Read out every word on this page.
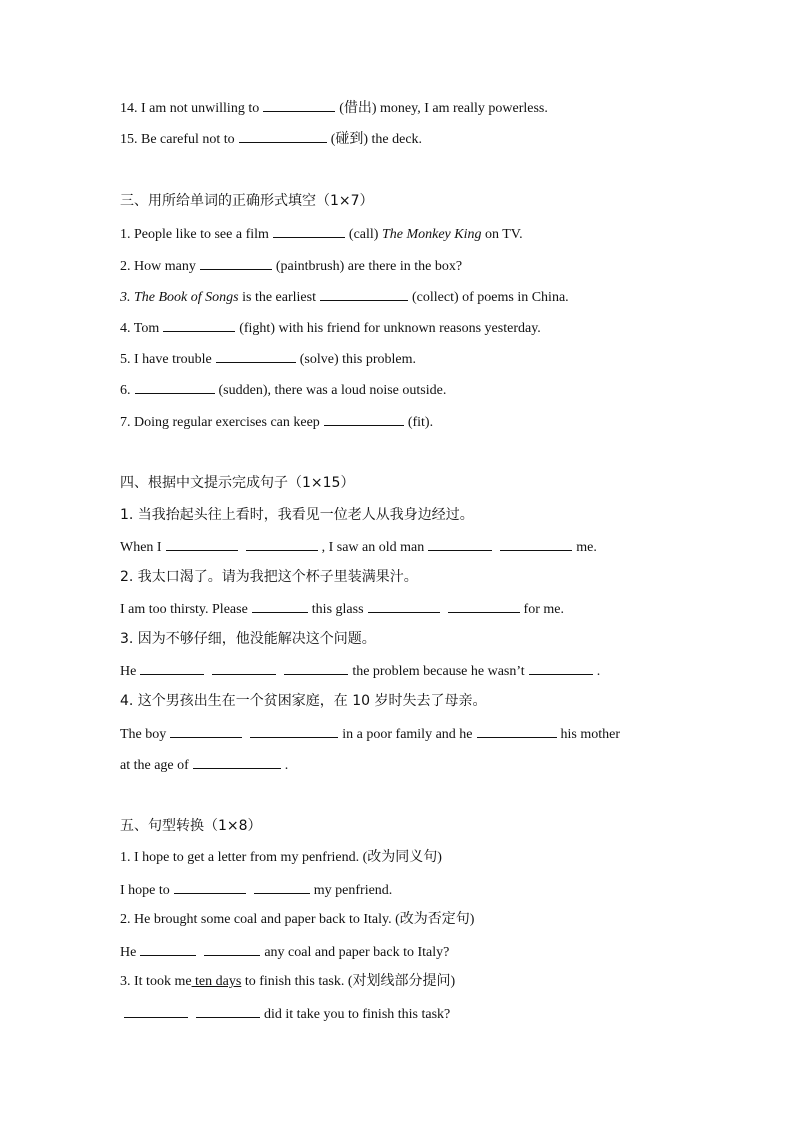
14. I am not unwilling to	(借出) money, I am really powerless.
15. Be careful not to	(碰到) the deck.
三、用所给单词的正确形式填空（1×7）
1. People like to see a film	(call) The Monkey King on TV.
2. How many	(paintbrush) are there in the box?
3. The Book of Songs is the earliest	(collect) of poems in China.
4. Tom	(fight) with his friend for unknown reasons yesterday.
5. I have trouble	(solve) this problem.
6.	(sudden), there was a loud noise outside.
7. Doing regular exercises can keep	(fit).
四、根据中文提示完成句子（1×15）
1. 当我抬起头往上看时，我看见一位老人从我身边经过。
When I	, I saw an old man	me.
2. 我太口渴了。请为我把这个杯子里装满果汁。
I am too thirsty. Please	this glass	for me.
3. 因为不够仔细，他没能解决这个问题。
He	the problem because he wasn’t	.
4. 这个男孩出生在一个贫困家庭，在 10 岁时失去了母亲。
The boy	in a poor family and he	his mother
at the age of	.
五、句型转换（1×8）
1. I hope to get a letter from my penfriend. (改为同义句)
I hope to	my penfriend.
2. He brought some coal and paper back to Italy. (改为否定句)
He	any coal and paper back to Italy?
3. It took me ten days to finish this task. (对划线部分提问)
did it take you to finish this task?
